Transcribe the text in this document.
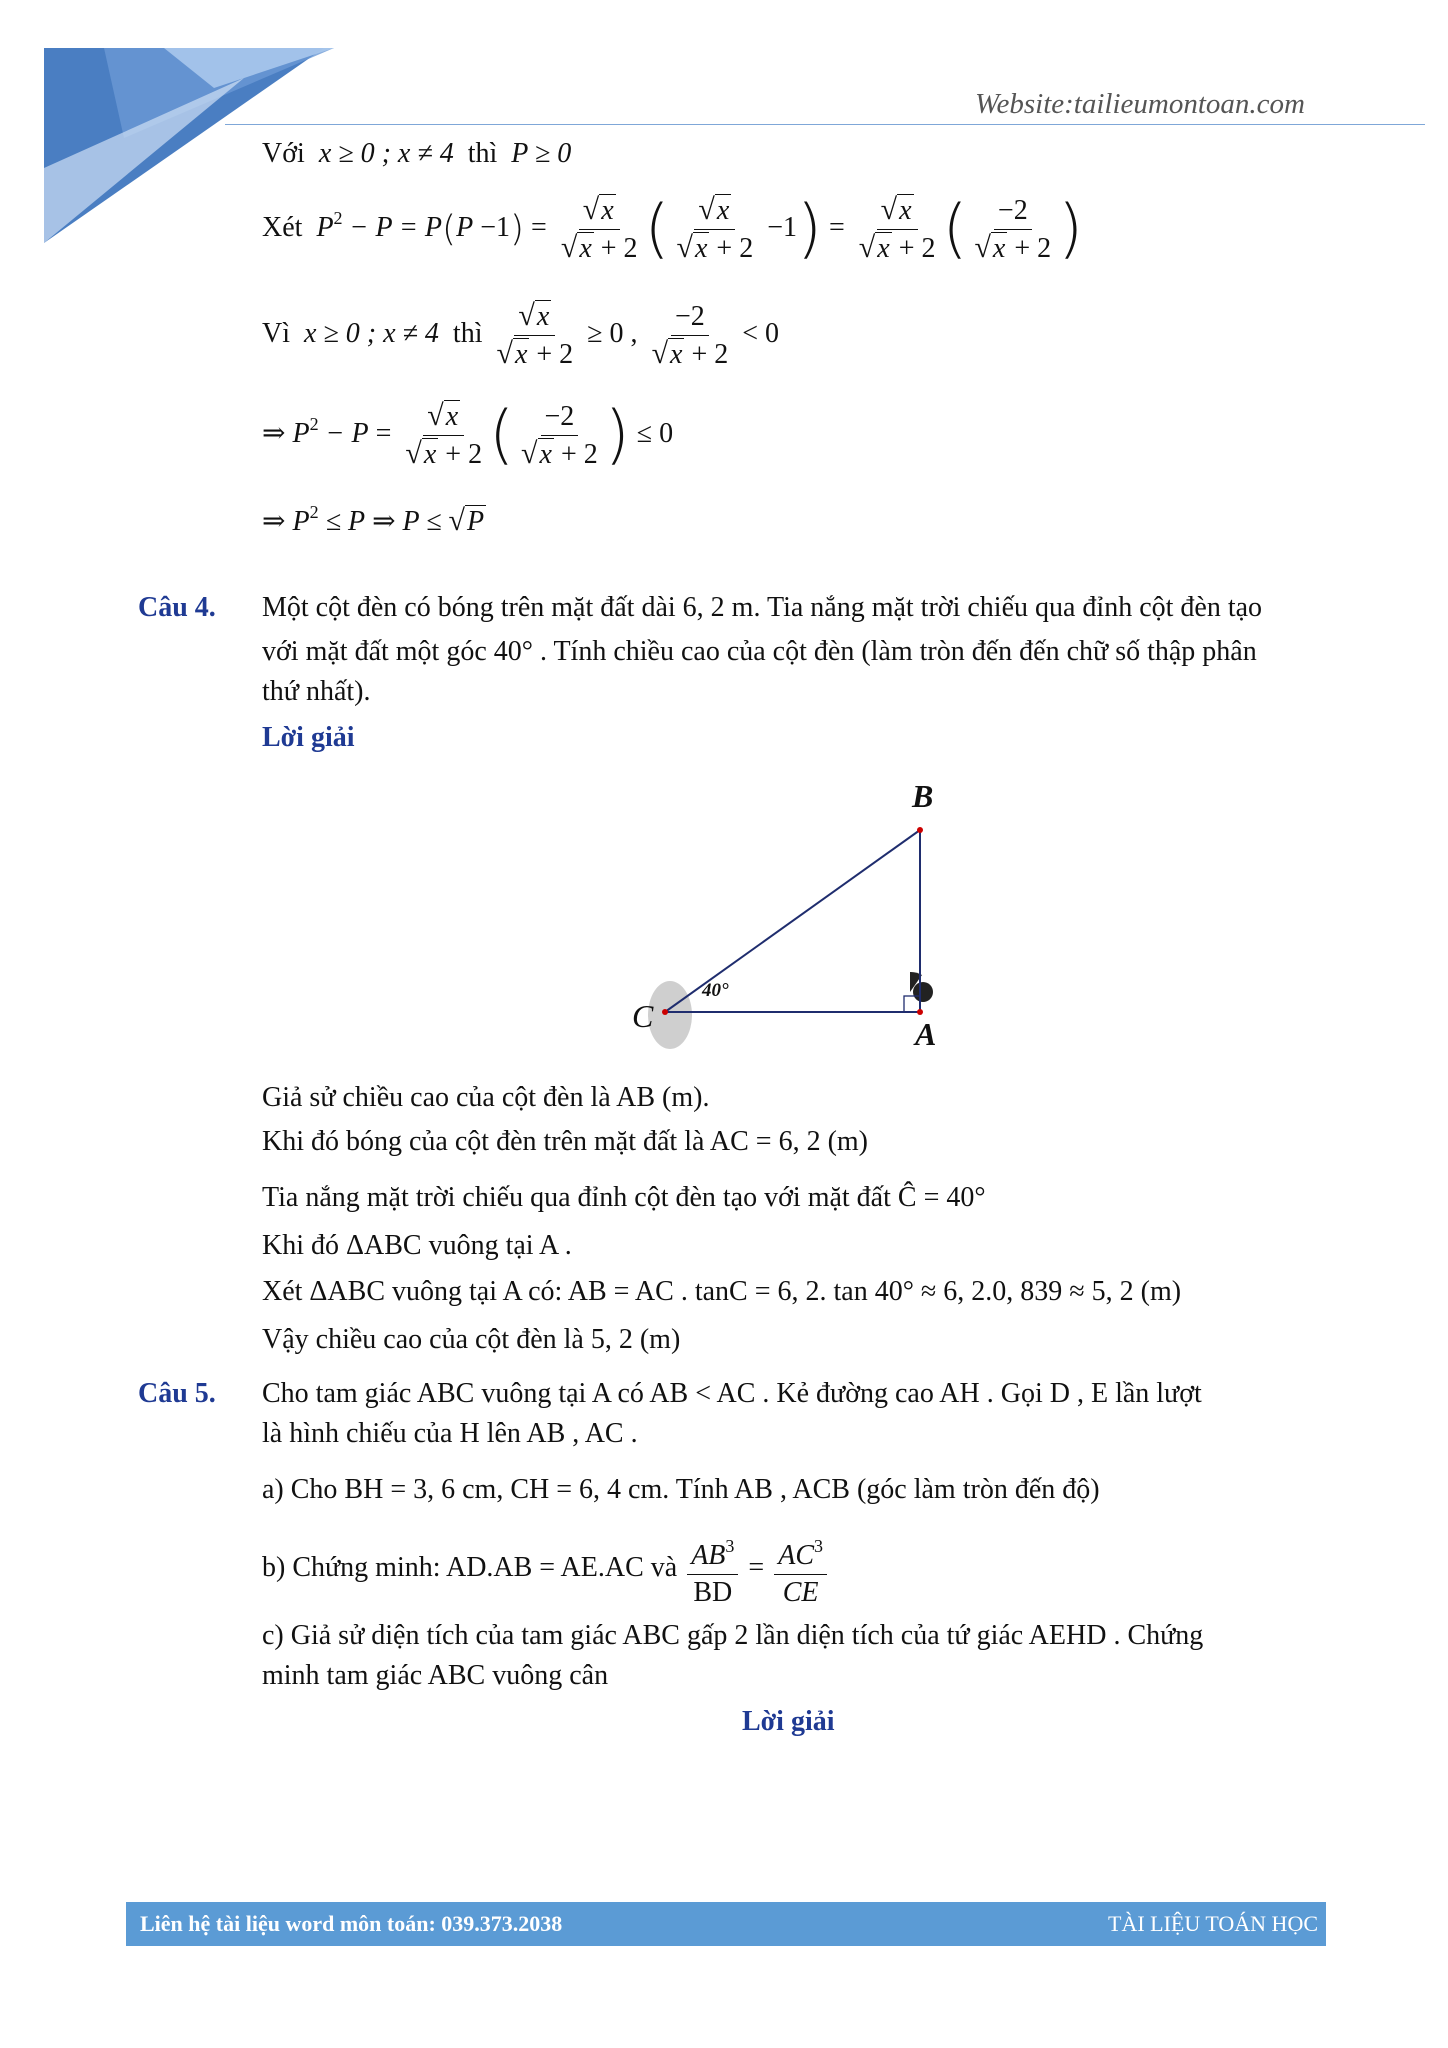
Website:tailieumontoan.com
Với x ≥ 0 ; x ≠ 4 thì P ≥ 0
Xét $P^2 - P = P(P -1) = \frac{√x}{√x + 2}$ ( $\frac{√x}{√x + 2} -1) = \frac{√x}{√x + 2}$ ( $\frac{-2}{√x + 2}$ )
Vì x ≥ 0 ; x ≠ 4 thì $\frac{√x}{√x + 2} \ge 0$ , $\frac{-2}{√x + 2} < 0$
⇒ $P^2 - P = \frac{√x}{√x + 2}$ ( $\frac{-2}{√x + 2}$ ) ≤ 0
⇒ $P^2 \le P$ ⇒ P ≤ √P
Câu 4. Một cột đèn có bóng trên mặt đất dài 6, 2 m. Tia nắng mặt trời chiếu qua đỉnh cột đèn tạo
với mặt đất một góc 40° . Tính chiều cao của cột đèn (làm tròn đến đến chữ số thập phân
thứ nhất).
Lời giải
B
C	A
40°
Giả sử chiều cao của cột đèn là AB (m).
Khi đó bóng của cột đèn trên mặt đất là AC = 6, 2 (m)
Tia nắng mặt trời chiếu qua đỉnh cột đèn tạo với mặt đất Ĉ = 40°
Khi đó ΔABC vuông tại A .
Xét ΔABC vuông tại A có: AB = AC . tanC = 6, 2. tan 40° ≈ 6, 2.0, 839 ≈ 5, 2 (m)
Vậy chiều cao của cột đèn là 5, 2 (m)
Câu 5. Cho tam giác ABC vuông tại A có AB < AC . Kẻ đường cao AH . Gọi D , E lần lượt
là hình chiếu của H lên AB , AC .
a) Cho BH = 3, 6 cm, CH = 6, 4 cm. Tính AB , ACB (góc làm tròn đến độ)
b) Chứng minh: AD.AB = AE.AC và $\frac{AB^3}{BD} = \frac{AC^3}{CE}$
c) Giả sử diện tích của tam giác ABC gấp 2 lần diện tích của tứ giác AEHD . Chứng
minh tam giác ABC vuông cân
Lời giải
Liên hệ tài liệu word môn toán: 039.373.2038	TÀI LIỆU TOÁN HỌC
